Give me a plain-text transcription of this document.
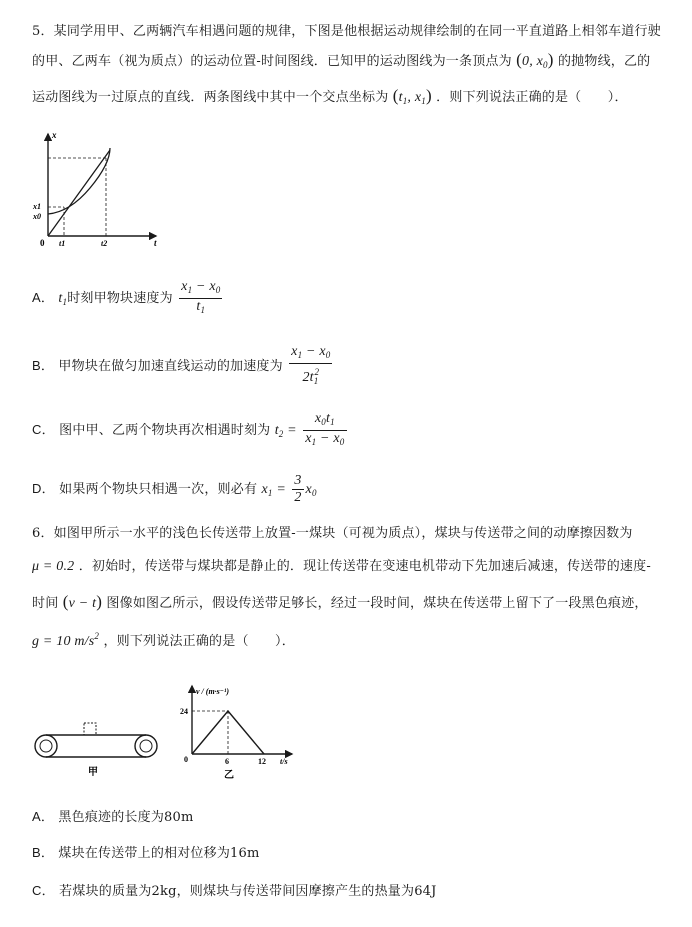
5．某同学用甲、乙两辆汽车相遇问题的规律，下图是他根据运动规律绘制的在同一平直道路上相邻车道行驶
的甲、乙两车（视为质点）的运动位置-时间图线．已知甲的运动图线为一条顶点为 (0, $x_0$) 的抛物线，乙的
运动图线为一过原点的直线．两条图线中其中一个交点坐标为 ($t_1$, $x_1$) ．则下列说法正确的是（　　）．
x
t
0
x1
x0
t1	t2
A． $t_1$时刻甲物块速度为 $\frac{x_1 - x_0}{t_1}$
B． 甲物块在做匀加速直线运动的加速度为 $\frac{x_1 - x_0}{2t_1^2}$
C． 图中甲、乙两个物块再次相遇时刻为 $t_2 = \frac{x_0t_1}{x_1 - x_0}$
D． 如果两个物块只相遇一次，则必有 $x_1 = \frac{3}{2} x_0$
6．如图甲所示一水平的浅色长传送带上放置-一煤块（可视为质点），煤块与传送带之间的动摩擦因数为
μ = 0.2 ．初始时，传送带与煤块都是静止的．现让传送带在变速电机带动下先加速后减速，传送带的速度-
时间 (v − t) 图像如图乙所示，假设传送带足够长，经过一段时间，煤块在传送带上留下了一段黑色痕迹，
g = 10 $m/s^2$ ，则下列说法正确的是（　　）．
甲
v / (m·s⁻¹)
t/s
0
24
6	12
乙
A． 黑色痕迹的长度为80m
B． 煤块在传送带上的相对位移为16m
C． 若煤块的质量为2kg，则煤块与传送带间因摩擦产生的热量为64J
